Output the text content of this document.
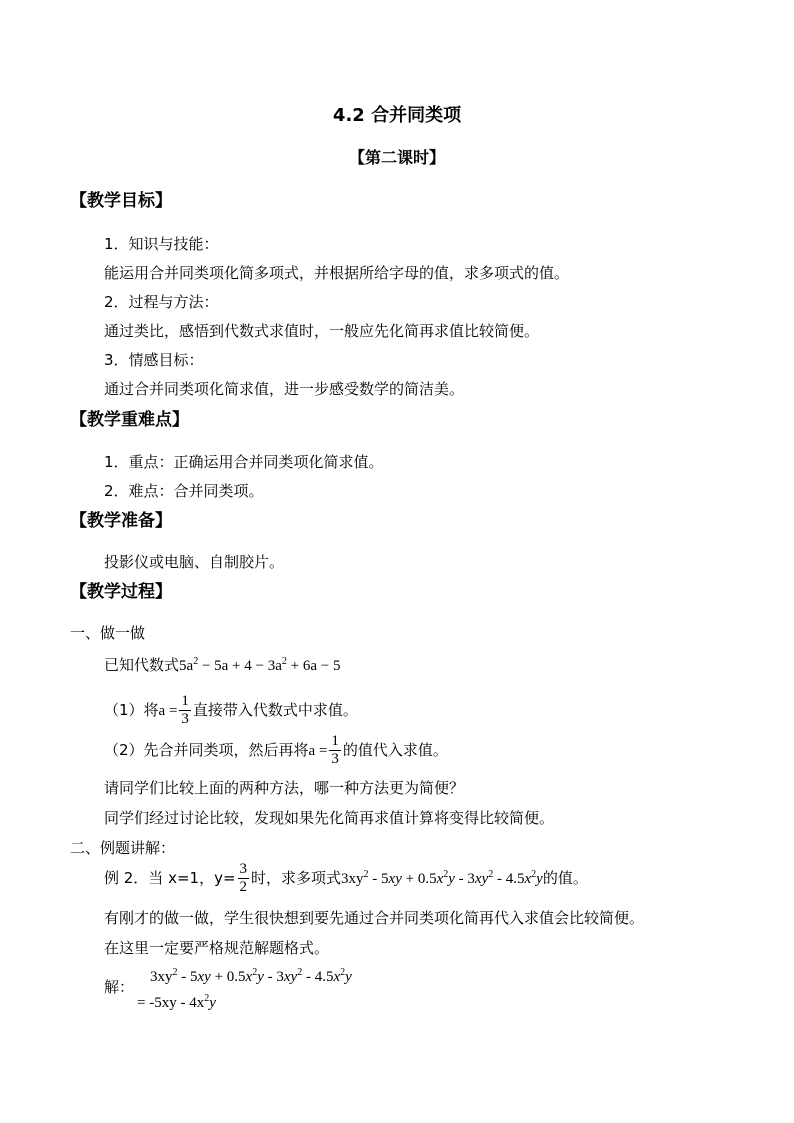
4.2 合并同类项
【第二课时】
【教学目标】
1．知识与技能：
能运用合并同类项化简多项式，并根据所给字母的值，求多项式的值。
2．过程与方法：
通过类比，感悟到代数式求值时，一般应先化简再求值比较简便。
3．情感目标：
通过合并同类项化简求值，进一步感受数学的简洁美。
【教学重难点】
1．重点：正确运用合并同类项化简求值。
2．难点：合并同类项。
【教学准备】
投影仪或电脑、自制胶片。
【教学过程】
一、做一做
已知代数式$5a^2 - 5a + 4 - 3a^2 + 6a - 5$
（1）将$a = \frac{1}{3}$ 直接带入代数式中求值。
（2）先合并同类项，然后再将$a = \frac{1}{3}$ 的值代入求值。
请同学们比较上面的两种方法，哪一种方法更为简便？
同学们经过讨论比较，发现如果先化简再求值计算将变得比较简便。
二、例题讲解：
例 2．当 x=1，$y= \frac{3}{2}$ 时，求多项式$3xy^2 - 5xy + 0.5x^2y - 3xy^2 - 4.5x^2y$的值。
有刚才的做一做，学生很快想到要先通过合并同类项化简再代入求值会比较简便。
在这里一定要严格规范解题格式。
解：
$3xy^2 - 5xy + 0.5x^2y - 3xy^2 - 4.5x^2y$
= $-5xy - 4x^2y$
